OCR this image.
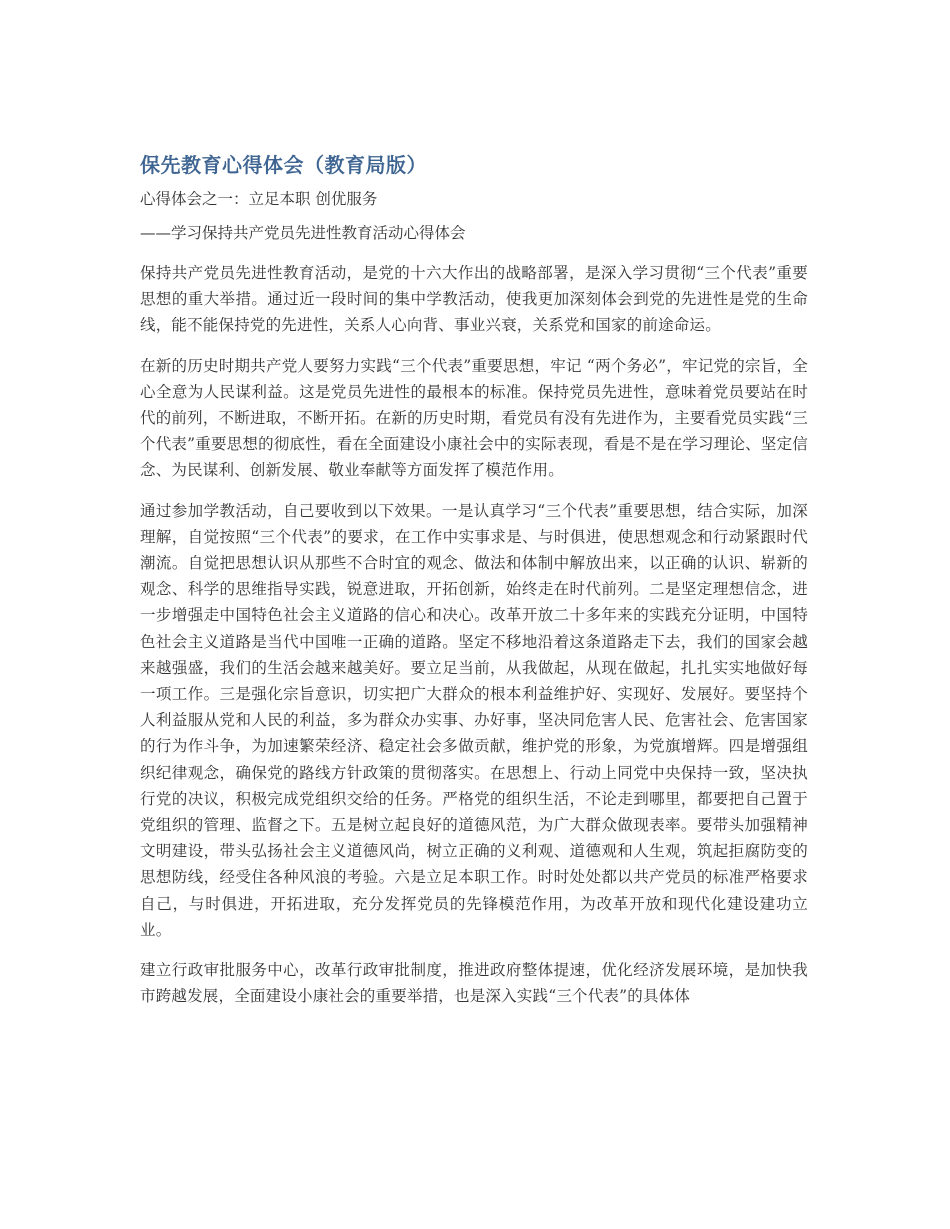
保先教育心得体会（教育局版）

心得体会之一：立足本职 创优服务

——学习保持共产党员先进性教育活动心得体会

保持共产党员先进性教育活动，是党的十六大作出的战略部署，是深入学习贯彻“三个代表”重要思想的重大举措。通过近一段时间的集中学教活动，使我更加深刻体会到党的先进性是党的生命线，能不能保持党的先进性，关系人心向背、事业兴衰，关系党和国家的前途命运。

在新的历史时期共产党人要努力实践“三个代表”重要思想，牢记 “两个务必”，牢记党的宗旨，全心全意为人民谋利益。这是党员先进性的最根本的标准。保持党员先进性，意味着党员要站在时代的前列，不断进取，不断开拓。在新的历史时期，看党员有没有先进作为，主要看党员实践“三个代表”重要思想的彻底性，看在全面建设小康社会中的实际表现，看是不是在学习理论、坚定信念、为民谋利、创新发展、敬业奉献等方面发挥了模范作用。

通过参加学教活动，自己要收到以下效果。一是认真学习“三个代表”重要思想，结合实际，加深理解，自觉按照“三个代表”的要求，在工作中实事求是、与时俱进，使思想观念和行动紧跟时代潮流。自觉把思想认识从那些不合时宜的观念、做法和体制中解放出来，以正确的认识、崭新的观念、科学的思维指导实践，锐意进取，开拓创新，始终走在时代前列。二是坚定理想信念，进一步增强走中国特色社会主义道路的信心和决心。改革开放二十多年来的实践充分证明，中国特色社会主义道路是当代中国唯一正确的道路。坚定不移地沿着这条道路走下去，我们的国家会越来越强盛，我们的生活会越来越美好。要立足当前，从我做起，从现在做起，扎扎实实地做好每一项工作。三是强化宗旨意识，切实把广大群众的根本利益维护好、实现好、发展好。要坚持个人利益服从党和人民的利益，多为群众办实事、办好事，坚决同危害人民、危害社会、危害国家的行为作斗争，为加速繁荣经济、稳定社会多做贡献，维护党的形象，为党旗增辉。四是增强组织纪律观念，确保党的路线方针政策的贯彻落实。在思想上、行动上同党中央保持一致，坚决执行党的决议，积极完成党组织交给的任务。严格党的组织生活，不论走到哪里，都要把自己置于党组织的管理、监督之下。五是树立起良好的道德风范，为广大群众做现表率。要带头加强精神文明建设，带头弘扬社会主义道德风尚，树立正确的义利观、道德观和人生观，筑起拒腐防变的思想防线，经受住各种风浪的考验。六是立足本职工作。时时处处都以共产党员的标准严格要求自己，与时俱进，开拓进取，充分发挥党员的先锋模范作用，为改革开放和现代化建设建功立业。

建立行政审批服务中心，改革行政审批制度，推进政府整体提速，优化经济发展环境，是加快我市跨越发展，全面建设小康社会的重要举措，也是深入实践“三个代表”的具体体
